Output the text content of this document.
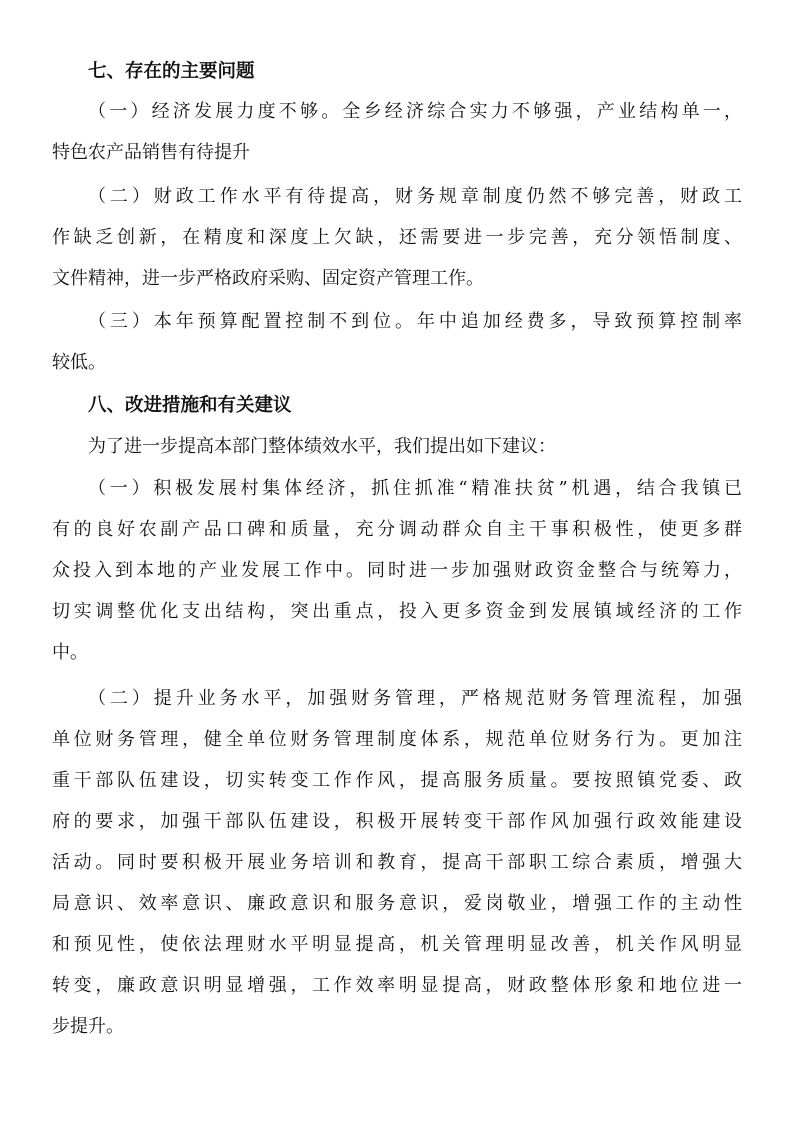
七、存在的主要问题
（一）经济发展力度不够。全乡经济综合实力不够强，产业结构单一，
特色农产品销售有待提升
（二）财政工作水平有待提高，财务规章制度仍然不够完善，财政工
作缺乏创新，在精度和深度上欠缺，还需要进一步完善，充分领悟制度、
文件精神，进一步严格政府采购、固定资产管理工作。
（三）本年预算配置控制不到位。年中追加经费多，导致预算控制率
较低。
八、改进措施和有关建议
为了进一步提高本部门整体绩效水平，我们提出如下建议：
（一）积极发展村集体经济，抓住抓准“精准扶贫”机遇，结合我镇已
有的良好农副产品口碑和质量，充分调动群众自主干事积极性，使更多群
众投入到本地的产业发展工作中。同时进一步加强财政资金整合与统筹力，
切实调整优化支出结构，突出重点，投入更多资金到发展镇域经济的工作
中。
（二）提升业务水平，加强财务管理，严格规范财务管理流程，加强
单位财务管理，健全单位财务管理制度体系，规范单位财务行为。更加注
重干部队伍建设，切实转变工作作风，提高服务质量。要按照镇党委、政
府的要求，加强干部队伍建设，积极开展转变干部作风加强行政效能建设
活动。同时要积极开展业务培训和教育，提高干部职工综合素质，增强大
局意识、效率意识、廉政意识和服务意识，爱岗敬业，增强工作的主动性
和预见性，使依法理财水平明显提高，机关管理明显改善，机关作风明显
转变，廉政意识明显增强，工作效率明显提高，财政整体形象和地位进一
步提升。
